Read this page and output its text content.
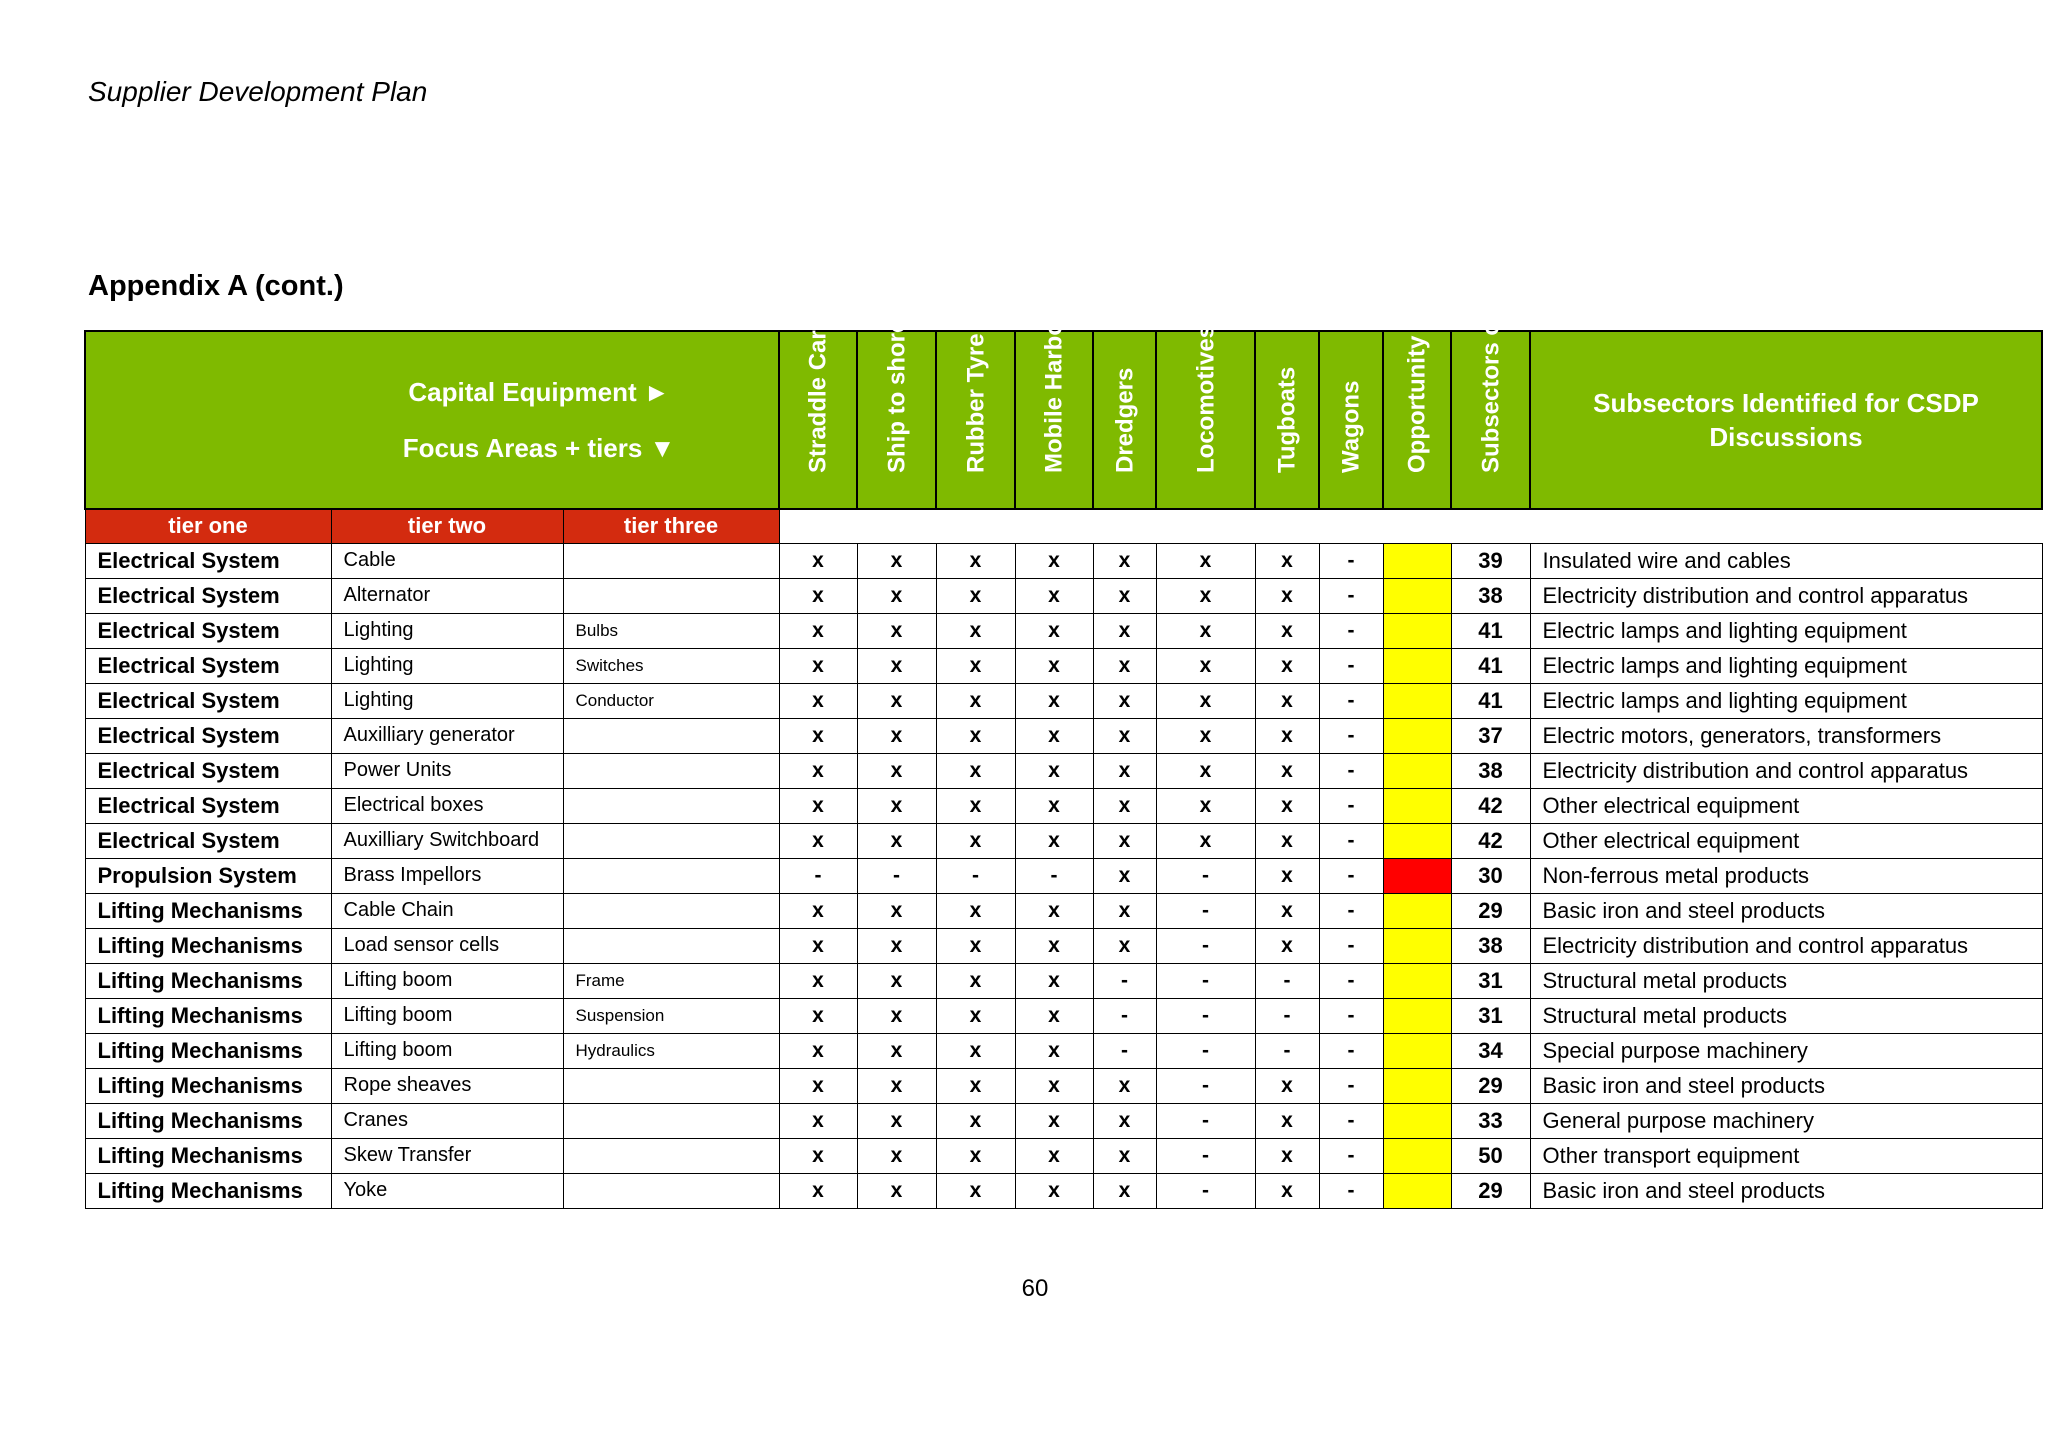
Supplier Development Plan
Appendix A (cont.)
Capital Equipment ►
Focus Areas + tiers ▼			Straddle Carriers	Ship to shore cranes	Rubber Tyre Gantry Cranes	Mobile Harbour Cranes	Dredgers	Locomotives (D, E, D-E, MC)	Tugboats	Wagons	Opportunity for CSDP	Subsectors on tier one and 2	Subsectors Identified for CSDP Discussions
tier one	tier two	tier three											
Electrical System	Cable		x	x	x	x	x	x	x	-		39	Insulated wire and cables
Electrical System	Alternator		x	x	x	x	x	x	x	-		38	Electricity distribution and control apparatus
Electrical System	Lighting	Bulbs	x	x	x	x	x	x	x	-		41	Electric lamps and lighting equipment
Electrical System	Lighting	Switches	x	x	x	x	x	x	x	-		41	Electric lamps and lighting equipment
Electrical System	Lighting	Conductor	x	x	x	x	x	x	x	-		41	Electric lamps and lighting equipment
Electrical System	Auxilliary generator		x	x	x	x	x	x	x	-		37	Electric motors, generators, transformers
Electrical System	Power Units		x	x	x	x	x	x	x	-		38	Electricity distribution and control apparatus
Electrical System	Electrical boxes		x	x	x	x	x	x	x	-		42	Other electrical equipment
Electrical System	Auxilliary Switchboard		x	x	x	x	x	x	x	-		42	Other electrical equipment
Propulsion System	Brass Impellors		-	-	-	-	x	-	x	-		30	Non-ferrous metal products
Lifting Mechanisms	Cable Chain		x	x	x	x	x	-	x	-		29	Basic iron and steel products
Lifting Mechanisms	Load sensor cells		x	x	x	x	x	-	x	-		38	Electricity distribution and control apparatus
Lifting Mechanisms	Lifting boom	Frame	x	x	x	x	-	-	-	-		31	Structural metal products
Lifting Mechanisms	Lifting boom	Suspension	x	x	x	x	-	-	-	-		31	Structural metal products
Lifting Mechanisms	Lifting boom	Hydraulics	x	x	x	x	-	-	-	-		34	Special purpose machinery
Lifting Mechanisms	Rope sheaves		x	x	x	x	x	-	x	-		29	Basic iron and steel products
Lifting Mechanisms	Cranes		x	x	x	x	x	-	x	-		33	General purpose machinery
Lifting Mechanisms	Skew Transfer		x	x	x	x	x	-	x	-		50	Other transport equipment
Lifting Mechanisms	Yoke		x	x	x	x	x	-	x	-		29	Basic iron and steel products
60
